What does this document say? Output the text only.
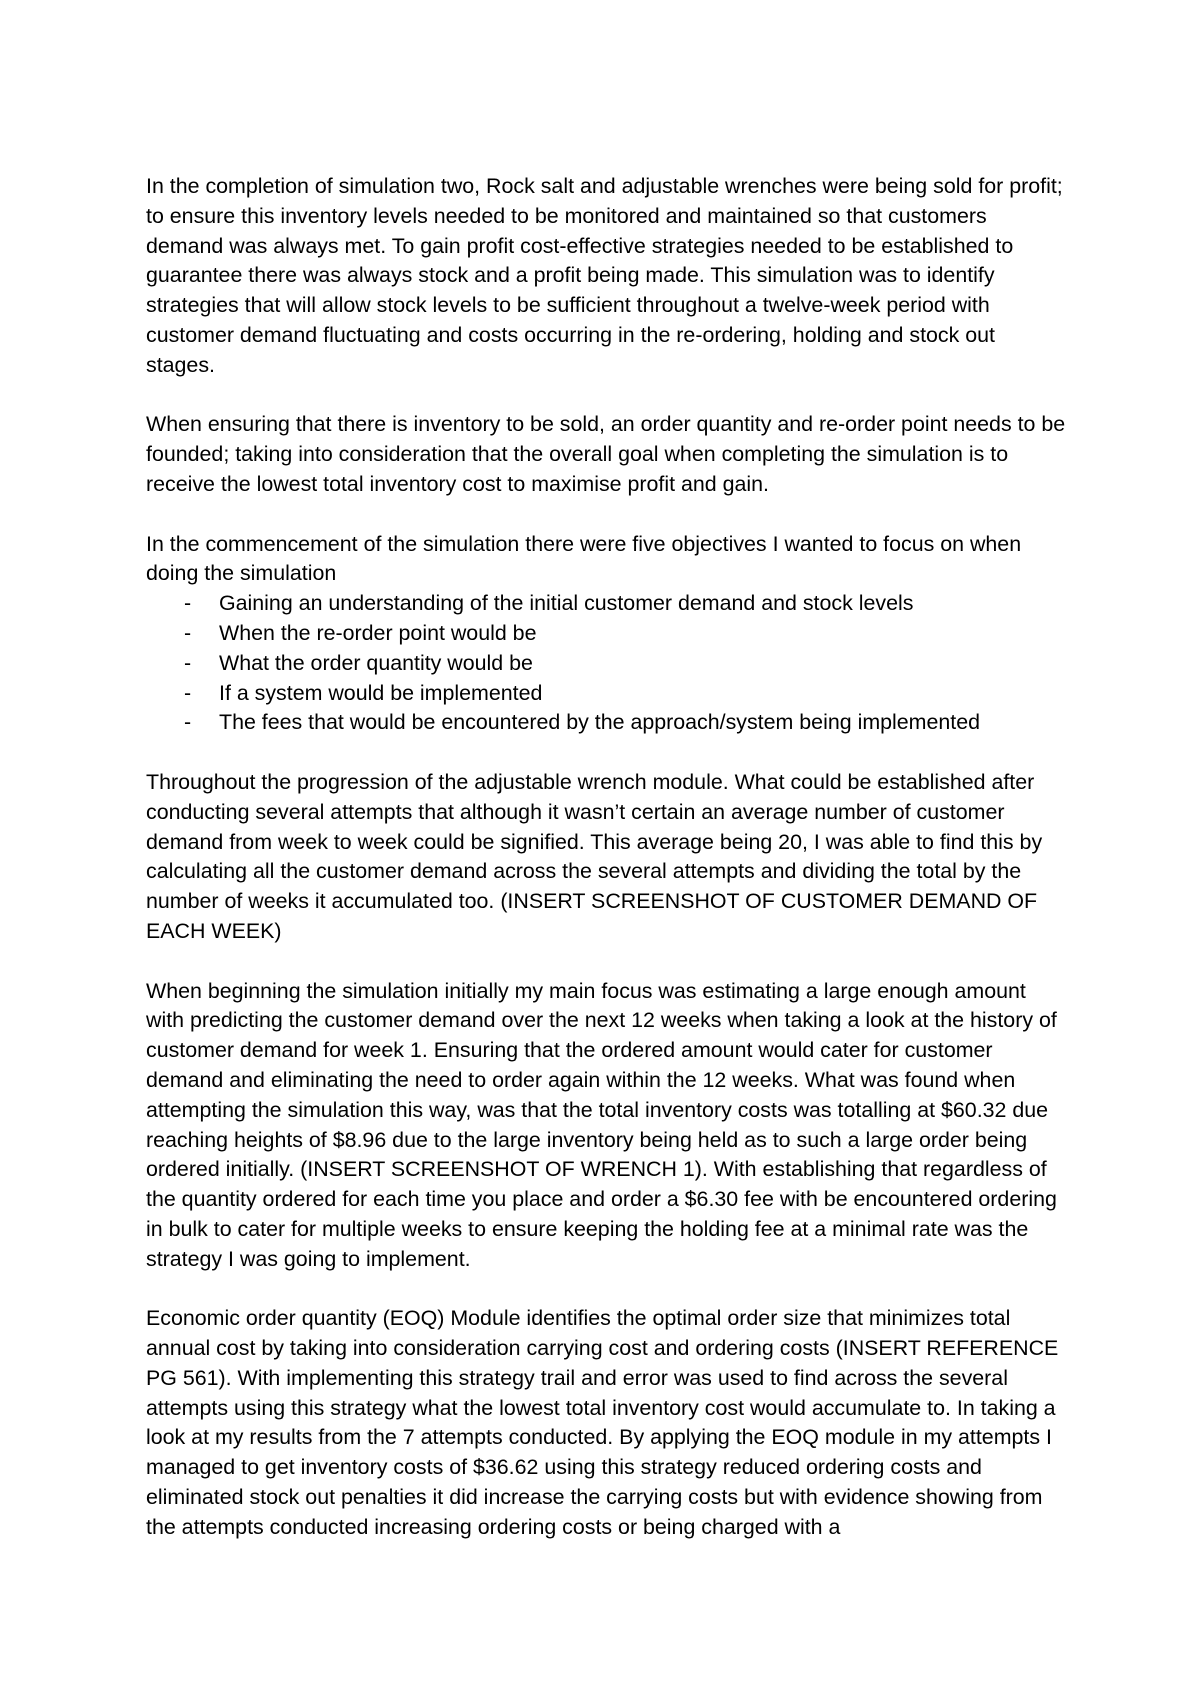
In the completion of simulation two, Rock salt and adjustable wrenches were being sold for profit; to ensure this inventory levels needed to be monitored and maintained so that customers demand was always met. To gain profit cost-effective strategies needed to be established to guarantee there was always stock and a profit being made. This simulation was to identify strategies that will allow stock levels to be sufficient throughout a twelve-week period with customer demand fluctuating and costs occurring in the re-ordering, holding and stock out stages.

When ensuring that there is inventory to be sold, an order quantity and re-order point needs to be founded; taking into consideration that the overall goal when completing the simulation is to receive the lowest total inventory cost to maximise profit and gain.

In the commencement of the simulation there were five objectives I wanted to focus on when doing the simulation

- Gaining an understanding of the initial customer demand and stock levels
- When the re-order point would be
- What the order quantity would be
- If a system would be implemented
- The fees that would be encountered by the approach/system being implemented

Throughout the progression of the adjustable wrench module. What could be established after conducting several attempts that although it wasn’t certain an average number of customer demand from week to week could be signified. This average being 20, I was able to find this by calculating all the customer demand across the several attempts and dividing the total by the number of weeks it accumulated too. (INSERT SCREENSHOT OF CUSTOMER DEMAND OF EACH WEEK)

When beginning the simulation initially my main focus was estimating a large enough amount with predicting the customer demand over the next 12 weeks when taking a look at the history of customer demand for week 1. Ensuring that the ordered amount would cater for customer demand and eliminating the need to order again within the 12 weeks. What was found when attempting the simulation this way, was that the total inventory costs was totalling at $60.32 due reaching heights of $8.96 due to the large inventory being held as to such a large order being ordered initially. (INSERT SCREENSHOT OF WRENCH 1). With establishing that regardless of the quantity ordered for each time you place and order a $6.30 fee with be encountered ordering in bulk to cater for multiple weeks to ensure keeping the holding fee at a minimal rate was the strategy I was going to implement.

Economic order quantity (EOQ) Module identifies the optimal order size that minimizes total annual cost by taking into consideration carrying cost and ordering costs (INSERT REFERENCE PG 561). With implementing this strategy trail and error was used to find across the several attempts using this strategy what the lowest total inventory cost would accumulate to. In taking a look at my results from the 7 attempts conducted. By applying the EOQ module in my attempts I managed to get inventory costs of $36.62 using this strategy reduced ordering costs and eliminated stock out penalties it did increase the carrying costs but with evidence showing from the attempts conducted increasing ordering costs or being charged with a
